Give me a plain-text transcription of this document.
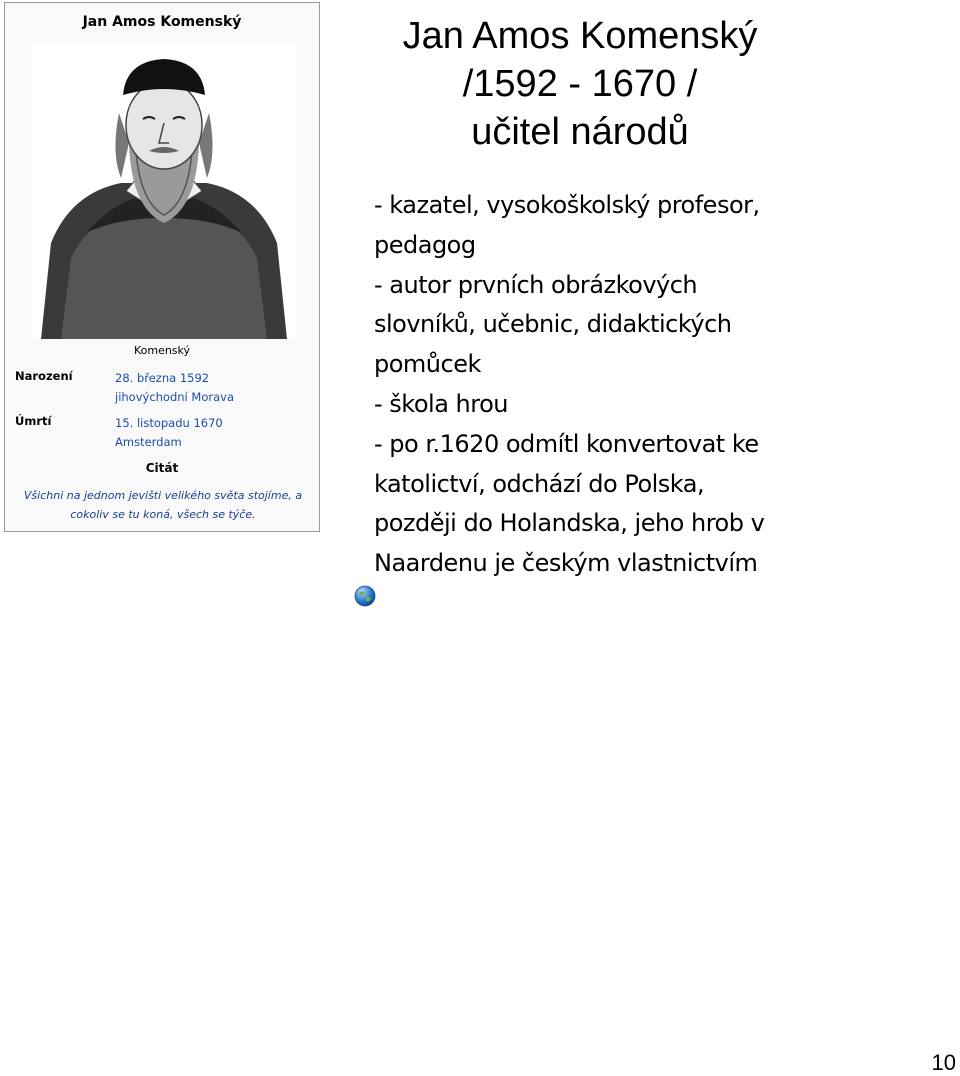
Jan Amos Komenský
Komenský
Narození	28. března 1592
jihovýchodní Morava
Úmrtí	15. listopadu 1670
Amsterdam
Citát
Všichni na jednom jevišti velikého světa stojíme, a
cokoliv se tu koná, všech se týče.
Jan Amos Komenský
/1592 - 1670 /
učitel národů
- kazatel, vysokoškolský profesor,
pedagog
- autor prvních obrázkových
slovníků, učebnic, didaktických
pomůcek
- škola hrou
- po r.1620 odmítl konvertovat ke
katolictví, odchází do Polska,
později do Holandska, jeho hrob v
Naardenu je českým vlastnictvím
10
